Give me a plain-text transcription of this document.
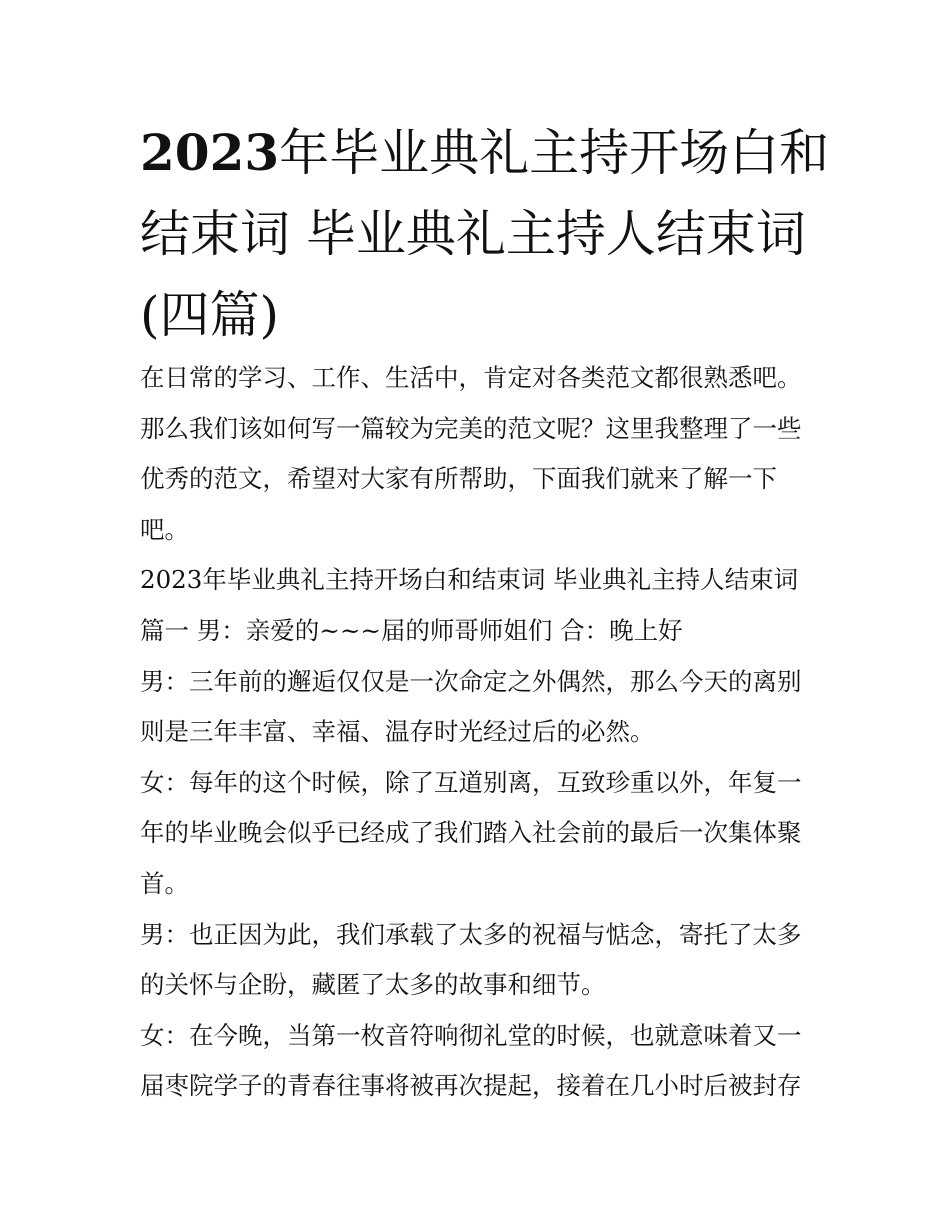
2023年毕业典礼主持开场白和
结束词 毕业典礼主持人结束词
(四篇)
在日常的学习、工作、生活中，肯定对各类范文都很熟悉吧。
那么我们该如何写一篇较为完美的范文呢？这里我整理了一些
优秀的范文，希望对大家有所帮助，下面我们就来了解一下
吧。
2023年毕业典礼主持开场白和结束词 毕业典礼主持人结束词
篇一 男：亲爱的~~~届的师哥师姐们 合：晚上好
男：三年前的邂逅仅仅是一次命定之外偶然，那么今天的离别
则是三年丰富、幸福、温存时光经过后的必然。
女：每年的这个时候，除了互道别离，互致珍重以外，年复一
年的毕业晚会似乎已经成了我们踏入社会前的最后一次集体聚
首。
男：也正因为此，我们承载了太多的祝福与惦念，寄托了太多
的关怀与企盼，藏匿了太多的故事和细节。
女：在今晚，当第一枚音符响彻礼堂的时候，也就意味着又一
届枣院学子的青春往事将被再次提起，接着在几小时后被封存
